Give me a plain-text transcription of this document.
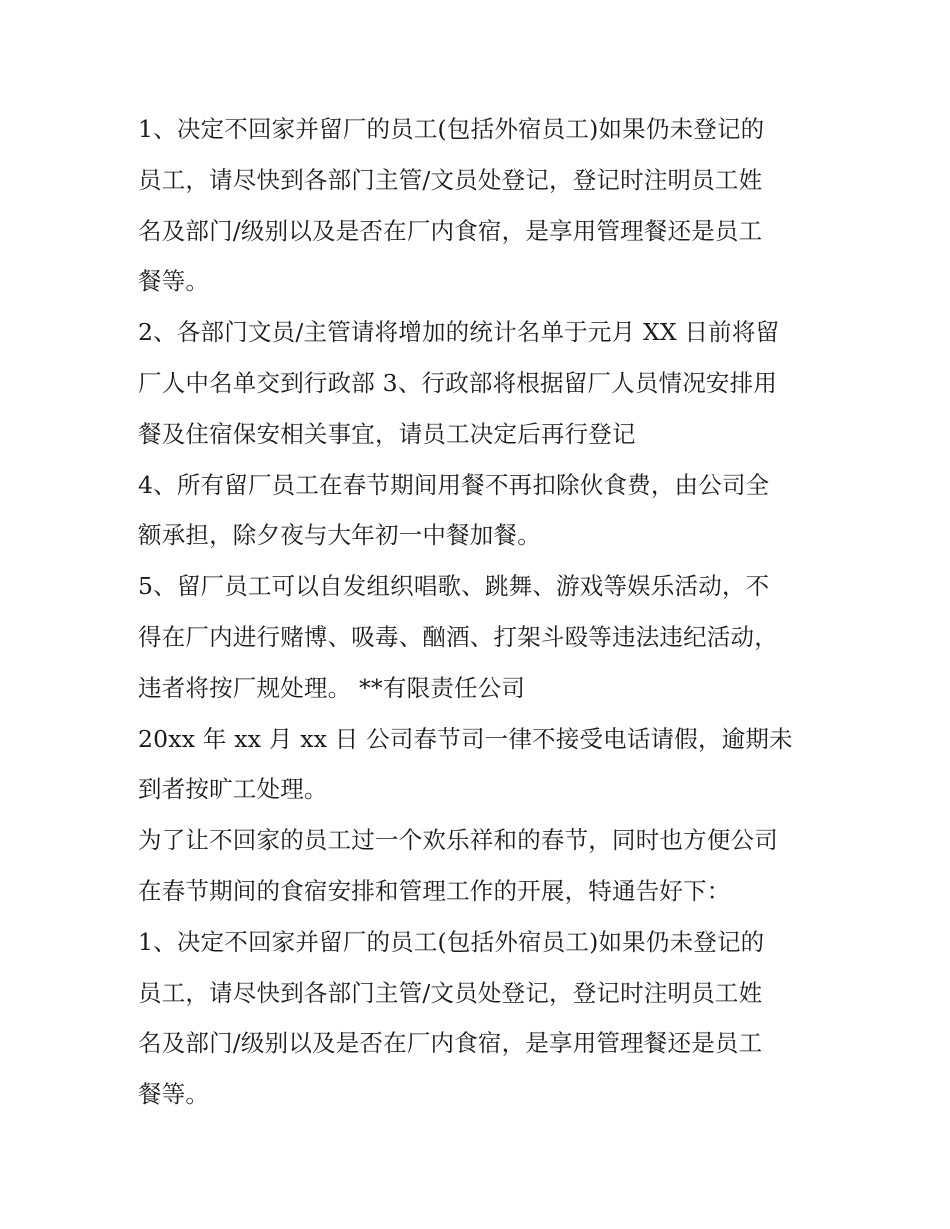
1、决定不回家并留厂的员工(包括外宿员工)如果仍未登记的
员工，请尽快到各部门主管/文员处登记，登记时注明员工姓
名及部门/级别以及是否在厂内食宿，是享用管理餐还是员工
餐等。
2、各部门文员/主管请将增加的统计名单于元月 XX 日前将留
厂人中名单交到行政部 3、行政部将根据留厂人员情况安排用
餐及住宿保安相关事宜，请员工决定后再行登记
4、所有留厂员工在春节期间用餐不再扣除伙食费，由公司全
额承担，除夕夜与大年初一中餐加餐。
5、留厂员工可以自发组织唱歌、跳舞、游戏等娱乐活动，不
得在厂内进行赌博、吸毒、酗酒、打架斗殴等违法违纪活动，
违者将按厂规处理。 **有限责任公司
20xx 年 xx 月 xx 日 公司春节司一律不接受电话请假，逾期未
到者按旷工处理。
为了让不回家的员工过一个欢乐祥和的春节，同时也方便公司
在春节期间的食宿安排和管理工作的开展，特通告好下：
1、决定不回家并留厂的员工(包括外宿员工)如果仍未登记的
员工，请尽快到各部门主管/文员处登记，登记时注明员工姓
名及部门/级别以及是否在厂内食宿，是享用管理餐还是员工
餐等。
